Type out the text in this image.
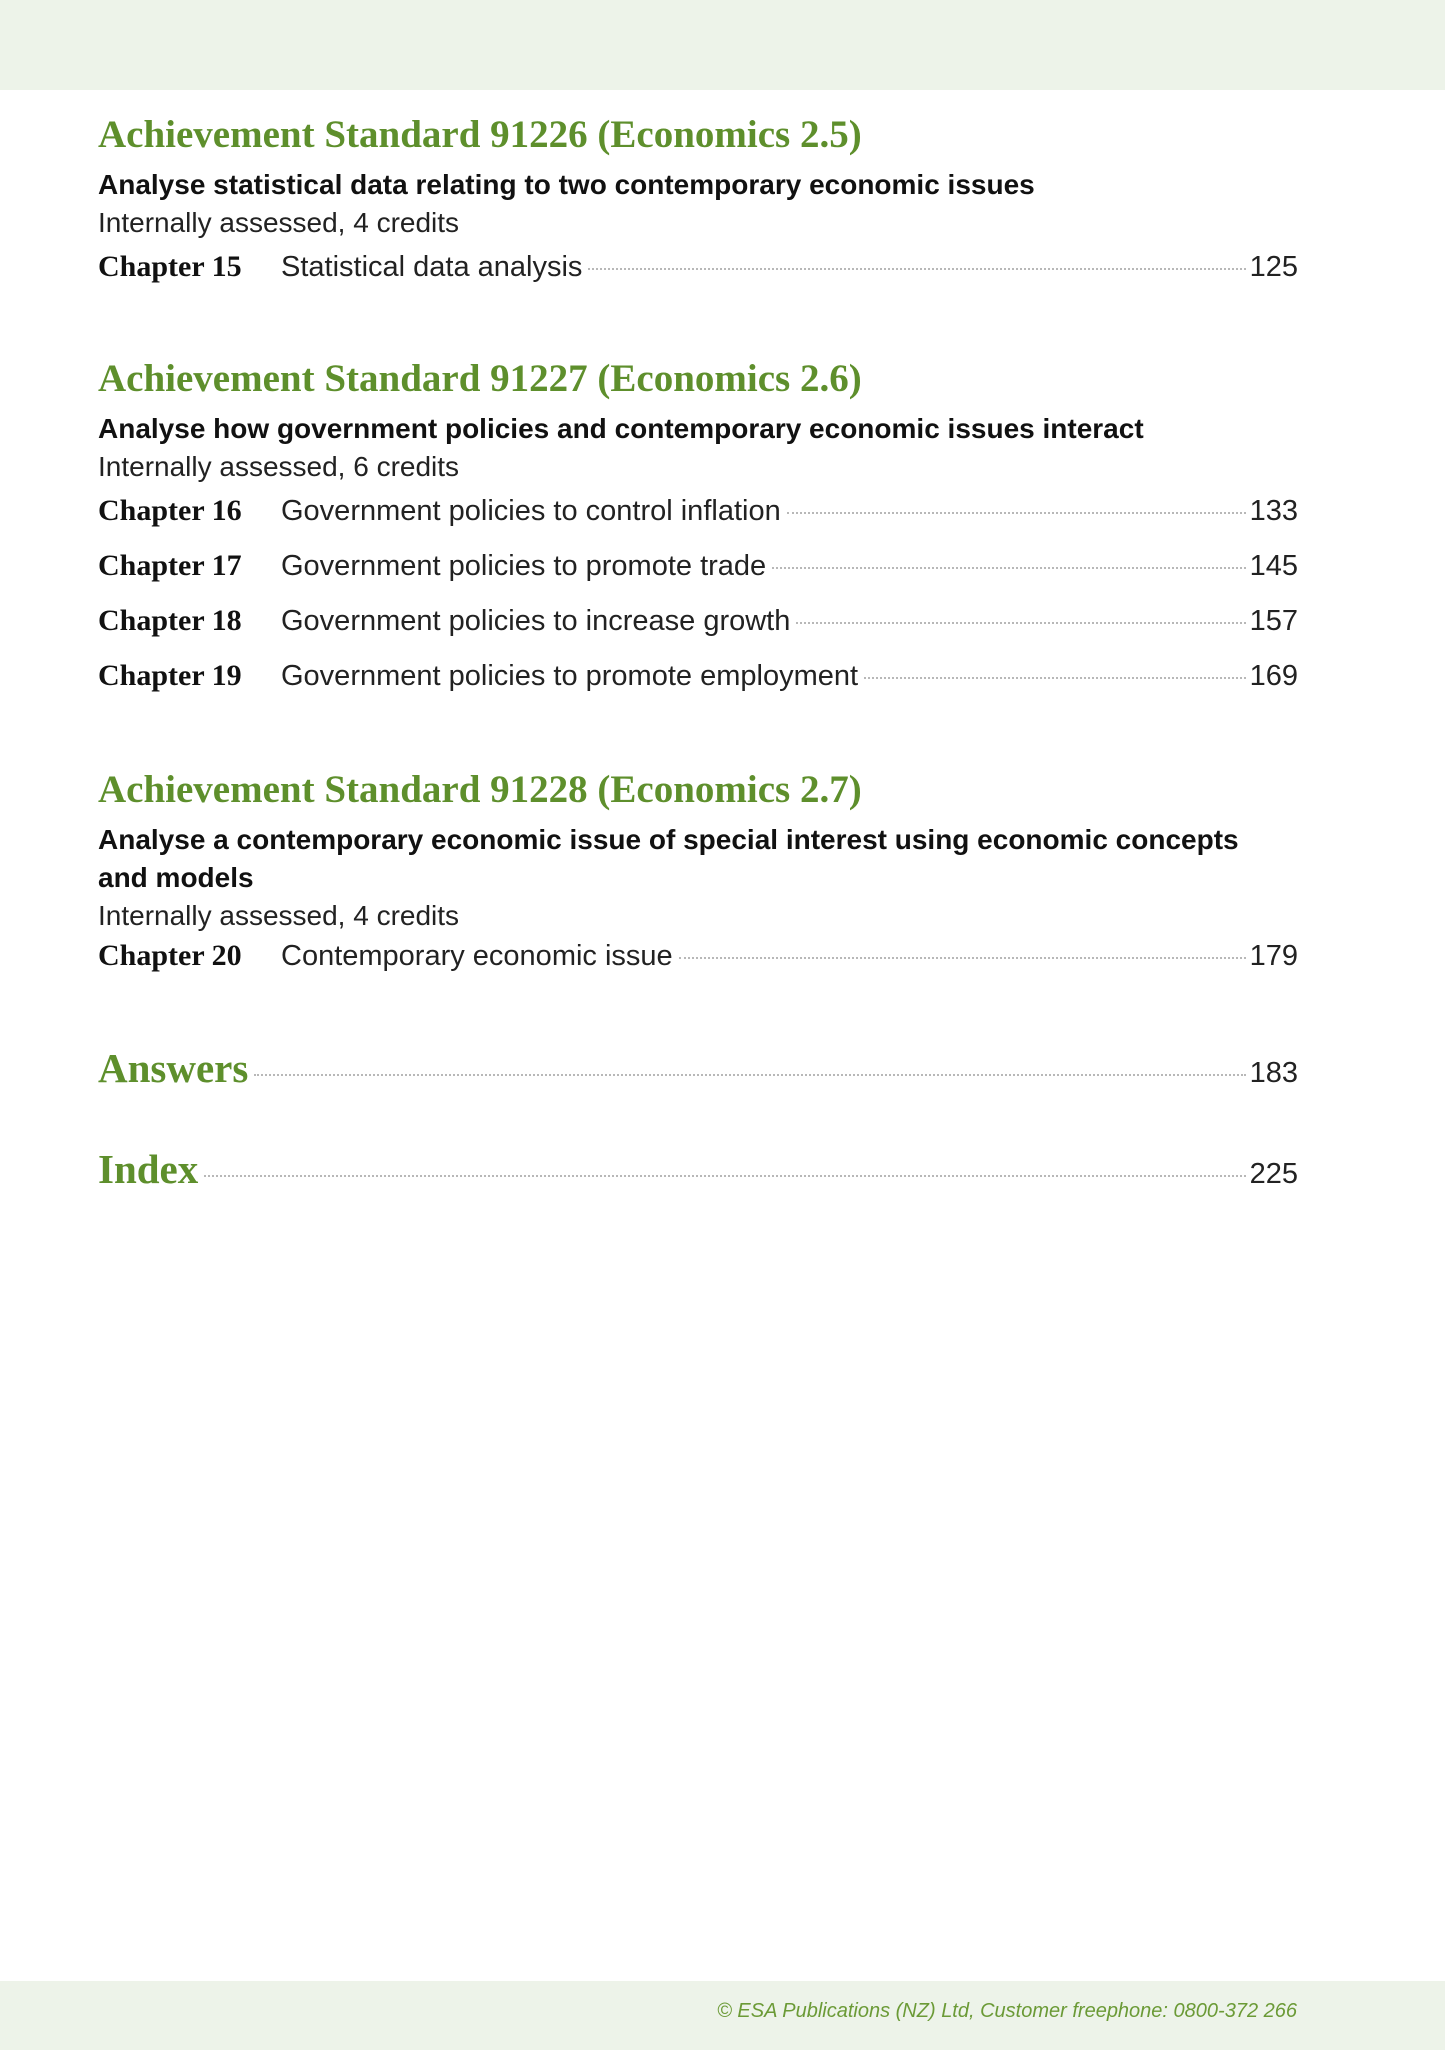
Achievement Standard 91226 (Economics 2.5)

Analyse statistical data relating to two contemporary economic issues

Internally assessed, 4 credits

Chapter 15	Statistical data analysis	125
Achievement Standard 91227 (Economics 2.6)

Analyse how government policies and contemporary economic issues interact

Internally assessed, 6 credits

Chapter 16	Government policies to control inflation	133
Chapter 17	Government policies to promote trade	145
Chapter 18	Government policies to increase growth	157
Chapter 19	Government policies to promote employment	169
Achievement Standard 91228 (Economics 2.7)

Analyse a contemporary economic issue of special interest using economic concepts and models

Internally assessed, 4 credits

Chapter 20	Contemporary economic issue	179
Answers	183
Index	225
© ESA Publications (NZ) Ltd, Customer freephone: 0800-372 266
